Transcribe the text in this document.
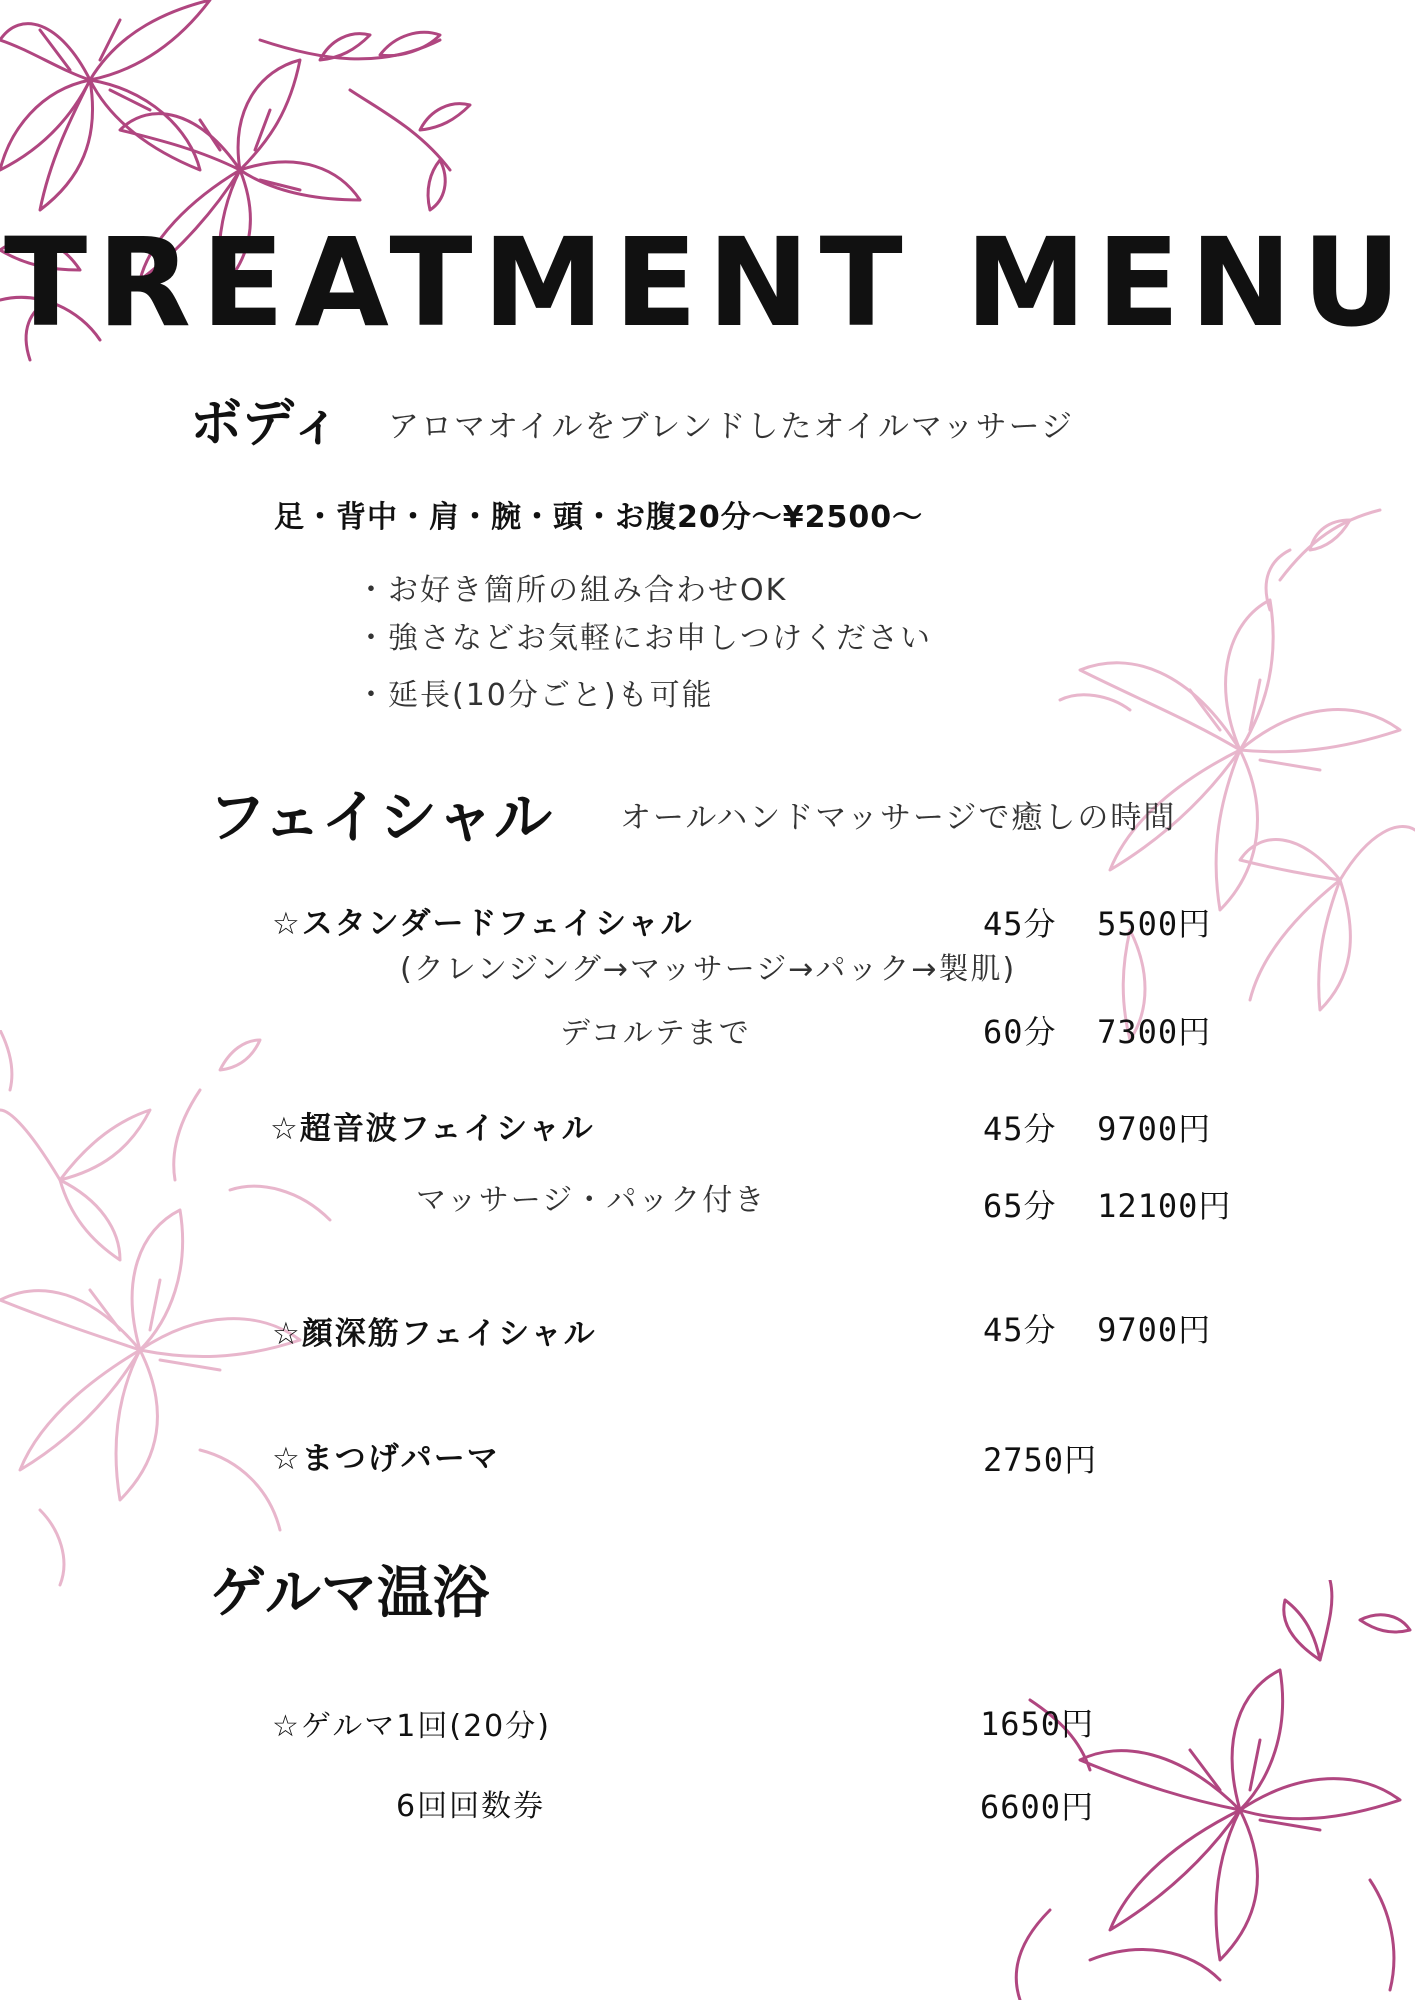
TREATMENT MENU
ボディ アロマオイルをブレンドしたオイルマッサージ
足・背中・肩・腕・頭・お腹20分〜¥2500〜
・お好き箇所の組み合わせOK
・強さなどお気軽にお申しつけください
・延長(10分ごと)も可能
フェイシャル オールハンドマッサージで癒しの時間
☆スタンダードフェイシャル	45分 5500円
(クレンジング→マッサージ→パック→製肌)
デコルテまで	60分 7300円
☆超音波フェイシャル	45分 9700円
マッサージ・パック付き	65分 12100円
☆顔深筋フェイシャル	45分 9700円
☆まつげパーマ	2750円
ゲルマ温浴
☆ゲルマ1回(20分)	1650円
6回回数券	6600円
